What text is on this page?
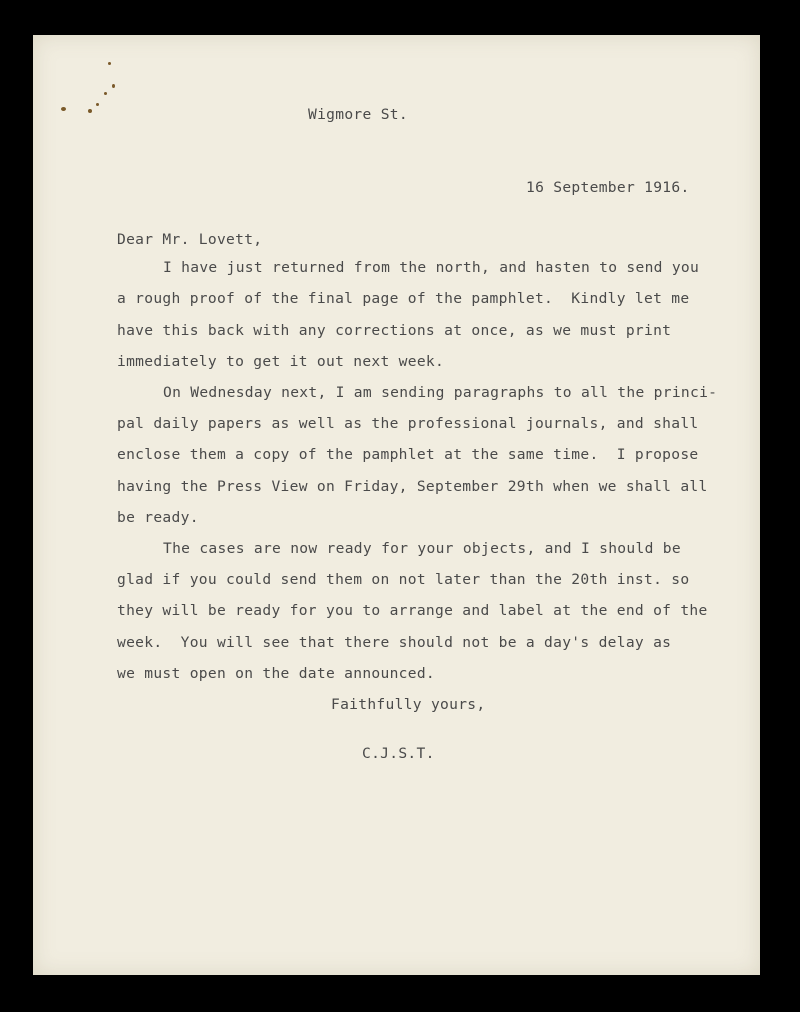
Wigmore St.
16 September 1916.
Dear Mr. Lovett,
I have just returned from the north, and hasten to send you
a rough proof of the final page of the pamphlet.  Kindly let me
have this back with any corrections at once, as we must print
immediately to get it out next week.
On Wednesday next, I am sending paragraphs to all the princi-
pal daily papers as well as the professional journals, and shall
enclose them a copy of the pamphlet at the same time.  I propose
having the Press View on Friday, September 29th when we shall all
be ready.
The cases are now ready for your objects, and I should be
glad if you could send them on not later than the 20th inst. so
they will be ready for you to arrange and label at the end of the
week.  You will see that there should not be a day's delay as
we must open on the date announced.
Faithfully yours,
C.J.S.T.
